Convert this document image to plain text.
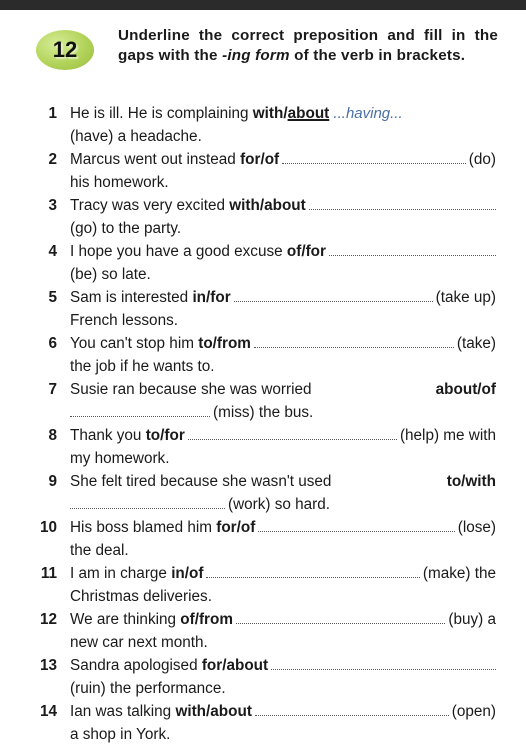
12
Underline the correct preposition and fill in the gaps with the -ing form of the verb in brackets.
1 He is ill. He is complaining
with/about ...having...
(have) a headache.
2 Marcus went out instead
for/of	(do)
his homework.
3 Tracy was very excited
with/about
(go) to the party.
4 I hope you have a good excuse
of/for
(be) so late.
5 Sam is interested
in/for	(take up)
French lessons.
6 You can't stop him
to/from	(take)
the job if he wants to.
7 Susie ran because she was worried	about/of
(miss) the bus.
8 Thank you
to/for	(help) me with
my homework.
9 She felt tired because she wasn't used	to/with
(work) so hard.
10 His boss blamed him
for/of	(lose)
the deal.
11 I am in charge
in/of	(make) the
Christmas deliveries.
12 We are thinking
of/from	(buy) a
new car next month.
13 Sandra apologised
for/about
(ruin) the performance.
14 Ian was talking
with/about	(open)
a shop in York.
